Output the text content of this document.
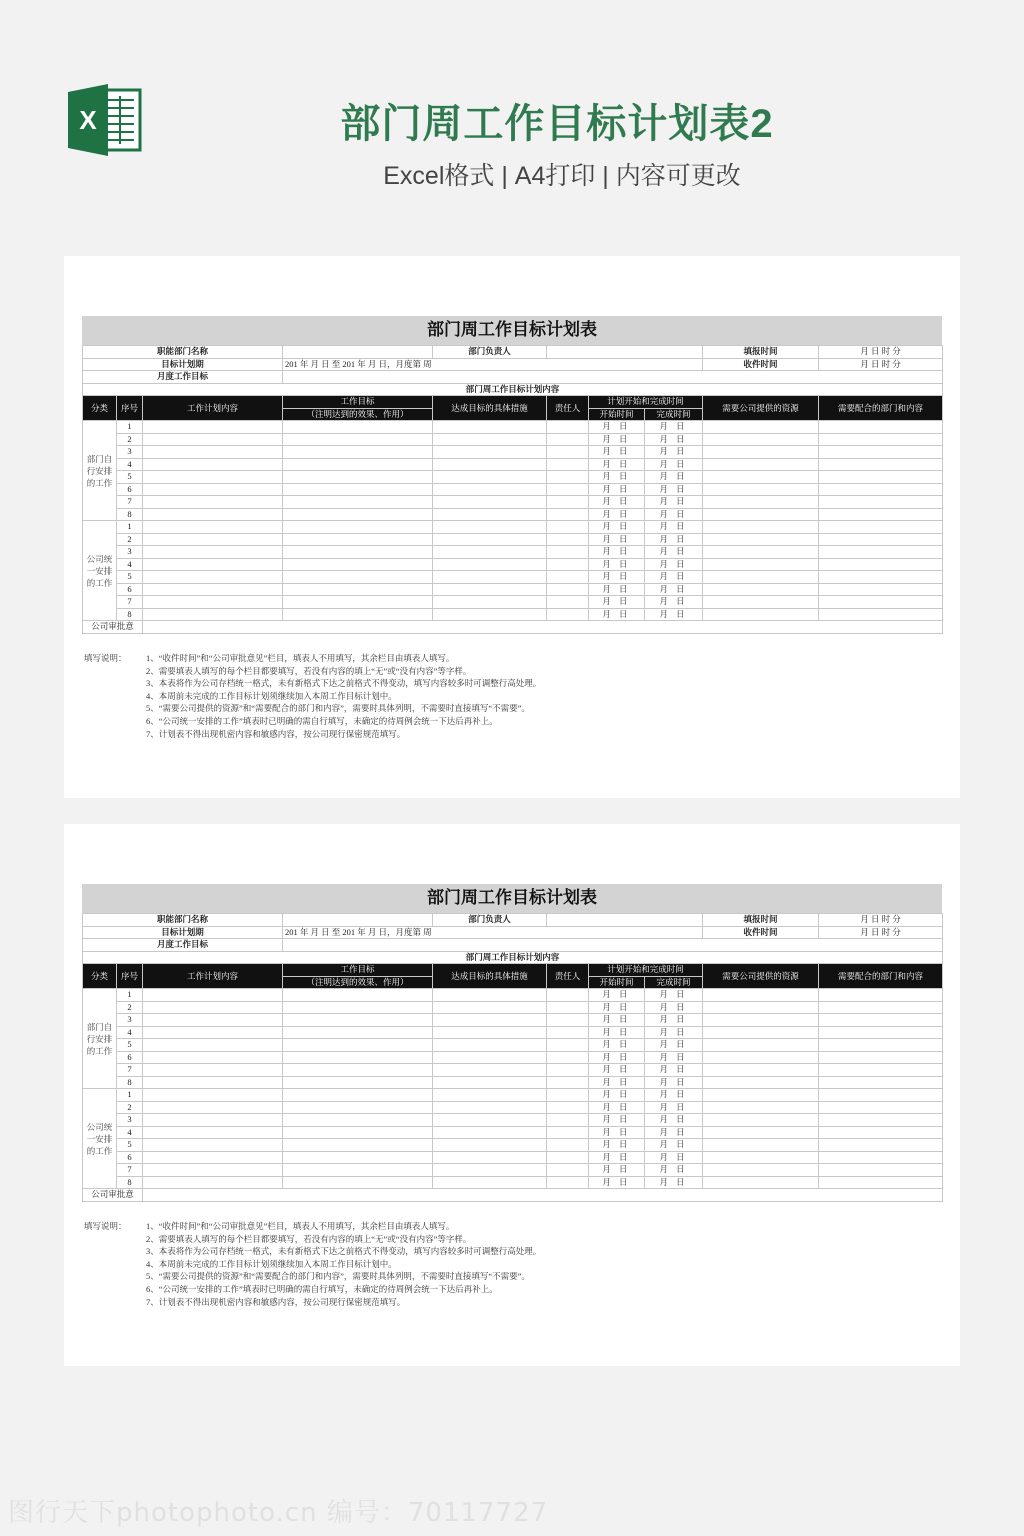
X	部门周工作目标计划表2
Excel格式 | A4打印 | 内容可更改
部门周工作目标计划表
职能部门名称				部门负责人				填报时间	月 日 时 分
目标计划期			201 年 月 日 至 201 年 月 日，月度第 周					收件时间	月 日 时 分
月度工作目标									
部门周工作目标计划内容									
分类	序号	工作计划内容	工作目标	达成目标的具体措施	责任人	计划开始和完成时间		需要公司提供的资源	需要配合的部门和内容
			（注明达到的效果、作用）			开始时间	完成时间		
部门自行安排的工作	1					月 日	月 日		
	2					月 日	月 日		
	3					月 日	月 日		
	4					月 日	月 日		
	5					月 日	月 日		
	6					月 日	月 日		
	7					月 日	月 日		
	8					月 日	月 日		
公司统一安排的工作	1					月 日	月 日		
	2					月 日	月 日		
	3					月 日	月 日		
	4					月 日	月 日		
	5					月 日	月 日		
	6					月 日	月 日		
	7					月 日	月 日		
	8					月 日	月 日		
公司审批意									
填写说明： 1、“收件时间”和“公司审批意见”栏目，填表人不用填写，其余栏目由填表人填写。
2、需要填表人填写的每个栏目都要填写，若没有内容的填上“无”或“没有内容”等字样。
3、本表将作为公司存档统一格式，未有新格式下达之前格式不得变动，填写内容较多时可调整行高处理。
4、本周前未完成的工作目标计划须继续加入本周工作目标计划中。
5、“需要公司提供的资源”和“需要配合的部门和内容”，需要时具体列明，不需要时直接填写“不需要”。
6、“公司统一安排的工作”填表时已明确的需自行填写，未确定的待周例会统一下达后再补上。
7、计划表不得出现机密内容和敏感内容，按公司现行保密规范填写。
部门周工作目标计划表
职能部门名称				部门负责人				填报时间	月 日 时 分
目标计划期			201 年 月 日 至 201 年 月 日，月度第 周					收件时间	月 日 时 分
月度工作目标									
部门周工作目标计划内容									
分类	序号	工作计划内容	工作目标	达成目标的具体措施	责任人	计划开始和完成时间		需要公司提供的资源	需要配合的部门和内容
			（注明达到的效果、作用）			开始时间	完成时间		
部门自行安排的工作	1					月 日	月 日		
	2					月 日	月 日		
	3					月 日	月 日		
	4					月 日	月 日		
	5					月 日	月 日		
	6					月 日	月 日		
	7					月 日	月 日		
	8					月 日	月 日		
公司统一安排的工作	1					月 日	月 日		
	2					月 日	月 日		
	3					月 日	月 日		
	4					月 日	月 日		
	5					月 日	月 日		
	6					月 日	月 日		
	7					月 日	月 日		
	8					月 日	月 日		
公司审批意									
填写说明： 1、“收件时间”和“公司审批意见”栏目，填表人不用填写，其余栏目由填表人填写。
2、需要填表人填写的每个栏目都要填写，若没有内容的填上“无”或“没有内容”等字样。
3、本表将作为公司存档统一格式，未有新格式下达之前格式不得变动，填写内容较多时可调整行高处理。
4、本周前未完成的工作目标计划须继续加入本周工作目标计划中。
5、“需要公司提供的资源”和“需要配合的部门和内容”，需要时具体列明，不需要时直接填写“不需要”。
6、“公司统一安排的工作”填表时已明确的需自行填写，未确定的待周例会统一下达后再补上。
7、计划表不得出现机密内容和敏感内容，按公司现行保密规范填写。
图行天下photophoto.cn 编号：70117727
